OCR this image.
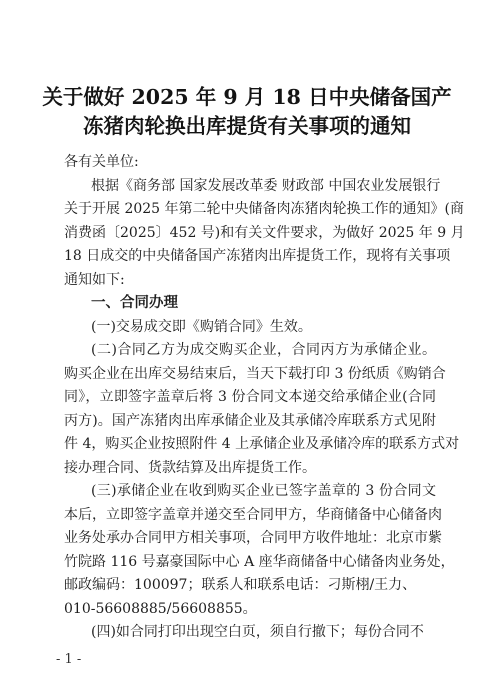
关于做好 2025 年 9 月 18 日中央储备国产
冻猪肉轮换出库提货有关事项的通知
各有关单位:
根据《商务部 国家发展改革委 财政部 中国农业发展银行
关于开展 2025 年第二轮中央储备肉冻猪肉轮换工作的通知》(商
消费函〔2025〕452 号)和有关文件要求，为做好 2025 年 9 月
18 日成交的中央储备国产冻猪肉出库提货工作，现将有关事项
通知如下:
一、合同办理
(一)交易成交即《购销合同》生效。
(二)合同乙方为成交购买企业，合同丙方为承储企业。
购买企业在出库交易结束后，当天下载打印 3 份纸质《购销合
同》，立即签字盖章后将 3 份合同文本递交给承储企业(合同
丙方)。国产冻猪肉出库承储企业及其承储冷库联系方式见附
件 4，购买企业按照附件 4 上承储企业及承储冷库的联系方式对
接办理合同、货款结算及出库提货工作。
(三)承储企业在收到购买企业已签字盖章的 3 份合同文
本后，立即签字盖章并递交至合同甲方，华商储备中心储备肉
业务处承办合同甲方相关事项，合同甲方收件地址：北京市紫
竹院路 116 号嘉豪国际中心 A 座华商储备中心储备肉业务处，
邮政编码：100097；联系人和联系电话：刁斯栩/王力、
010-56608885/56608855。
(四)如合同打印出现空白页，须自行撤下；每份合同不
- 1 -
